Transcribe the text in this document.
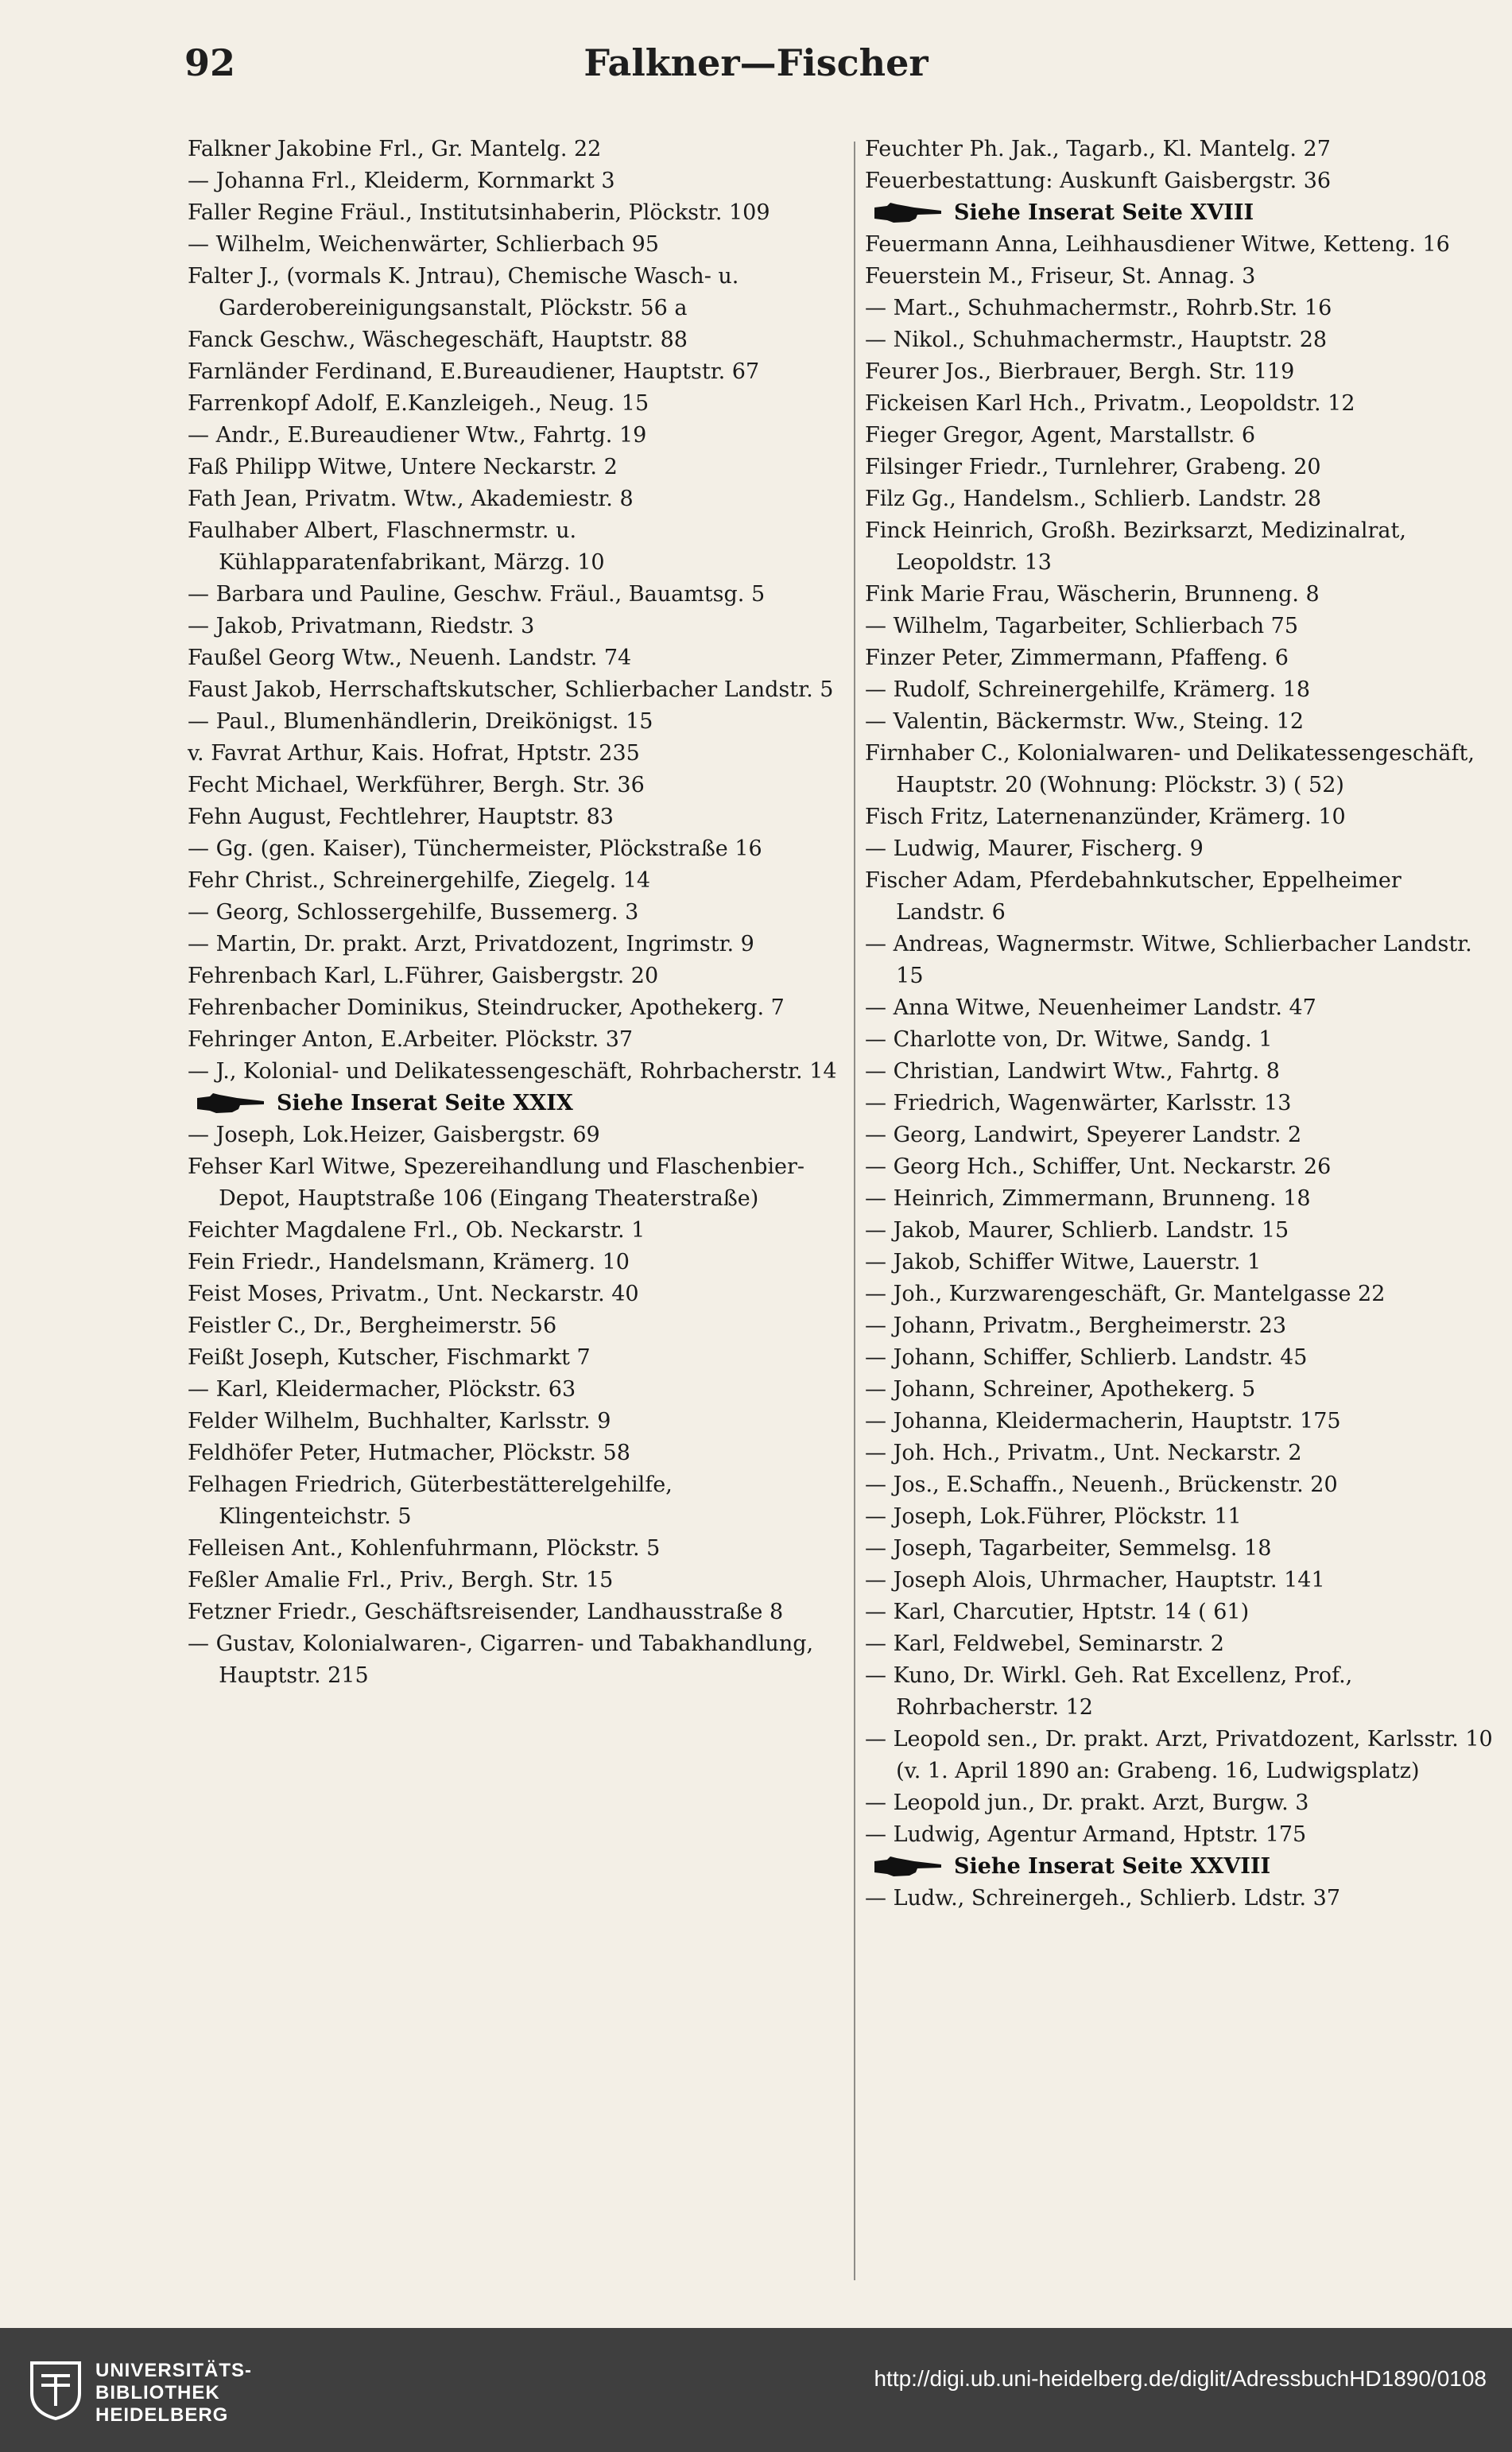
Falkner—Fischer
92
Falkner Jakobine Frl., Gr. Mantelg. 22
— Johanna Frl., Kleiderm, Kornmarkt 3
Faller Regine Fräul., Institutsinhaberin, Plöckstr. 109
— Wilhelm, Weichenwärter, Schlierbach 95
Falter J., (vormals K. Jntrau), Chemische Wasch- u. Garderobereinigungsanstalt, Plöckstr. 56 a
Fanck Geschw., Wäschegeschäft, Hauptstr. 88
Farnländer Ferdinand, E.Bureaudiener, Hauptstr. 67
Farrenkopf Adolf, E.Kanzleigeh., Neug. 15
— Andr., E.Bureaudiener Wtw., Fahrtg. 19
Faß Philipp Witwe, Untere Neckarstr. 2
Fath Jean, Privatm. Wtw., Akademiestr. 8
Faulhaber Albert, Flaschnermstr. u. Kühlapparatenfabrikant, Märzg. 10
— Barbara und Pauline, Geschw. Fräul., Bauamtsg. 5
— Jakob, Privatmann, Riedstr. 3
Faußel Georg Wtw., Neuenh. Landstr. 74
Faust Jakob, Herrschaftskutscher, Schlierbacher Landstr. 5
— Paul., Blumenhändlerin, Dreikönigst. 15
v. Favrat Arthur, Kais. Hofrat, Hptstr. 235
Fecht Michael, Werkführer, Bergh. Str. 36
Fehn August, Fechtlehrer, Hauptstr. 83
— Gg. (gen. Kaiser), Tünchermeister, Plöckstraße 16
Fehr Christ., Schreinergehilfe, Ziegelg. 14
— Georg, Schlossergehilfe, Bussemerg. 3
— Martin, Dr. prakt. Arzt, Privatdozent, Ingrimstr. 9
Fehrenbach Karl, L.Führer, Gaisbergstr. 20
Fehrenbacher Dominikus, Steindrucker, Apothekerg. 7
Fehringer Anton, E.Arbeiter. Plöckstr. 37
— J., Kolonial- und Delikatessengeschäft, Rohrbacherstr. 14
Siehe Inserat Seite XXIX
— Joseph, Lok.Heizer, Gaisbergstr. 69
Fehser Karl Witwe, Spezereihandlung und Flaschenbier-Depot, Hauptstraße 106 (Eingang Theaterstraße)
Feichter Magdalene Frl., Ob. Neckarstr. 1
Fein Friedr., Handelsmann, Krämerg. 10
Feist Moses, Privatm., Unt. Neckarstr. 40
Feistler C., Dr., Bergheimerstr. 56
Feißt Joseph, Kutscher, Fischmarkt 7
— Karl, Kleidermacher, Plöckstr. 63
Felder Wilhelm, Buchhalter, Karlsstr. 9
Feldhöfer Peter, Hutmacher, Plöckstr. 58
Felhagen Friedrich, Güterbestätterelgehilfe, Klingenteichstr. 5
Felleisen Ant., Kohlenfuhrmann, Plöckstr. 5
Feßler Amalie Frl., Priv., Bergh. Str. 15
Fetzner Friedr., Geschäftsreisender, Landhausstraße 8
— Gustav, Kolonialwaren-, Cigarren- und Tabakhandlung, Hauptstr. 215
Feuchter Ph. Jak., Tagarb., Kl. Mantelg. 27
Feuerbestattung: Auskunft Gaisbergstr. 36
Siehe Inserat Seite XVIII
Feuermann Anna, Leihhausdiener Witwe, Ketteng. 16
Feuerstein M., Friseur, St. Annag. 3
— Mart., Schuhmachermstr., Rohrb.Str. 16
— Nikol., Schuhmachermstr., Hauptstr. 28
Feurer Jos., Bierbrauer, Bergh. Str. 119
Fickeisen Karl Hch., Privatm., Leopoldstr. 12
Fieger Gregor, Agent, Marstallstr. 6
Filsinger Friedr., Turnlehrer, Grabeng. 20
Filz Gg., Handelsm., Schlierb. Landstr. 28
Finck Heinrich, Großh. Bezirksarzt, Medizinalrat, Leopoldstr. 13
Fink Marie Frau, Wäscherin, Brunneng. 8
— Wilhelm, Tagarbeiter, Schlierbach 75
Finzer Peter, Zimmermann, Pfaffeng. 6
— Rudolf, Schreinergehilfe, Krämerg. 18
— Valentin, Bäckermstr. Ww., Steing. 12
Firnhaber C., Kolonialwaren- und Delikatessengeschäft, Hauptstr. 20 (Wohnung: Plöckstr. 3) ( 52)
Fisch Fritz, Laternenanzünder, Krämerg. 10
— Ludwig, Maurer, Fischerg. 9
Fischer Adam, Pferdebahnkutscher, Eppelheimer Landstr. 6
— Andreas, Wagnermstr. Witwe, Schlierbacher Landstr. 15
— Anna Witwe, Neuenheimer Landstr. 47
— Charlotte von, Dr. Witwe, Sandg. 1
— Christian, Landwirt Wtw., Fahrtg. 8
— Friedrich, Wagenwärter, Karlsstr. 13
— Georg, Landwirt, Speyerer Landstr. 2
— Georg Hch., Schiffer, Unt. Neckarstr. 26
— Heinrich, Zimmermann, Brunneng. 18
— Jakob, Maurer, Schlierb. Landstr. 15
— Jakob, Schiffer Witwe, Lauerstr. 1
— Joh., Kurzwarengeschäft, Gr. Mantelgasse 22
— Johann, Privatm., Bergheimerstr. 23
— Johann, Schiffer, Schlierb. Landstr. 45
— Johann, Schreiner, Apothekerg. 5
— Johanna, Kleidermacherin, Hauptstr. 175
— Joh. Hch., Privatm., Unt. Neckarstr. 2
— Jos., E.Schaffn., Neuenh., Brückenstr. 20
— Joseph, Lok.Führer, Plöckstr. 11
— Joseph, Tagarbeiter, Semmelsg. 18
— Joseph Alois, Uhrmacher, Hauptstr. 141
— Karl, Charcutier, Hptstr. 14 ( 61)
— Karl, Feldwebel, Seminarstr. 2
— Kuno, Dr. Wirkl. Geh. Rat Excellenz, Prof., Rohrbacherstr. 12
— Leopold sen., Dr. prakt. Arzt, Privatdozent, Karlsstr. 10 (v. 1. April 1890 an: Grabeng. 16, Ludwigsplatz)
— Leopold jun., Dr. prakt. Arzt, Burgw. 3
— Ludwig, Agentur Armand, Hptstr. 175
Siehe Inserat Seite XXVIII
— Ludw., Schreinergeh., Schlierb. Ldstr. 37
UNIVERSITÄTS-
BIBLIOTHEK
HEIDELBERG
http://digi.ub.uni-heidelberg.de/diglit/AdressbuchHD1890/0108
